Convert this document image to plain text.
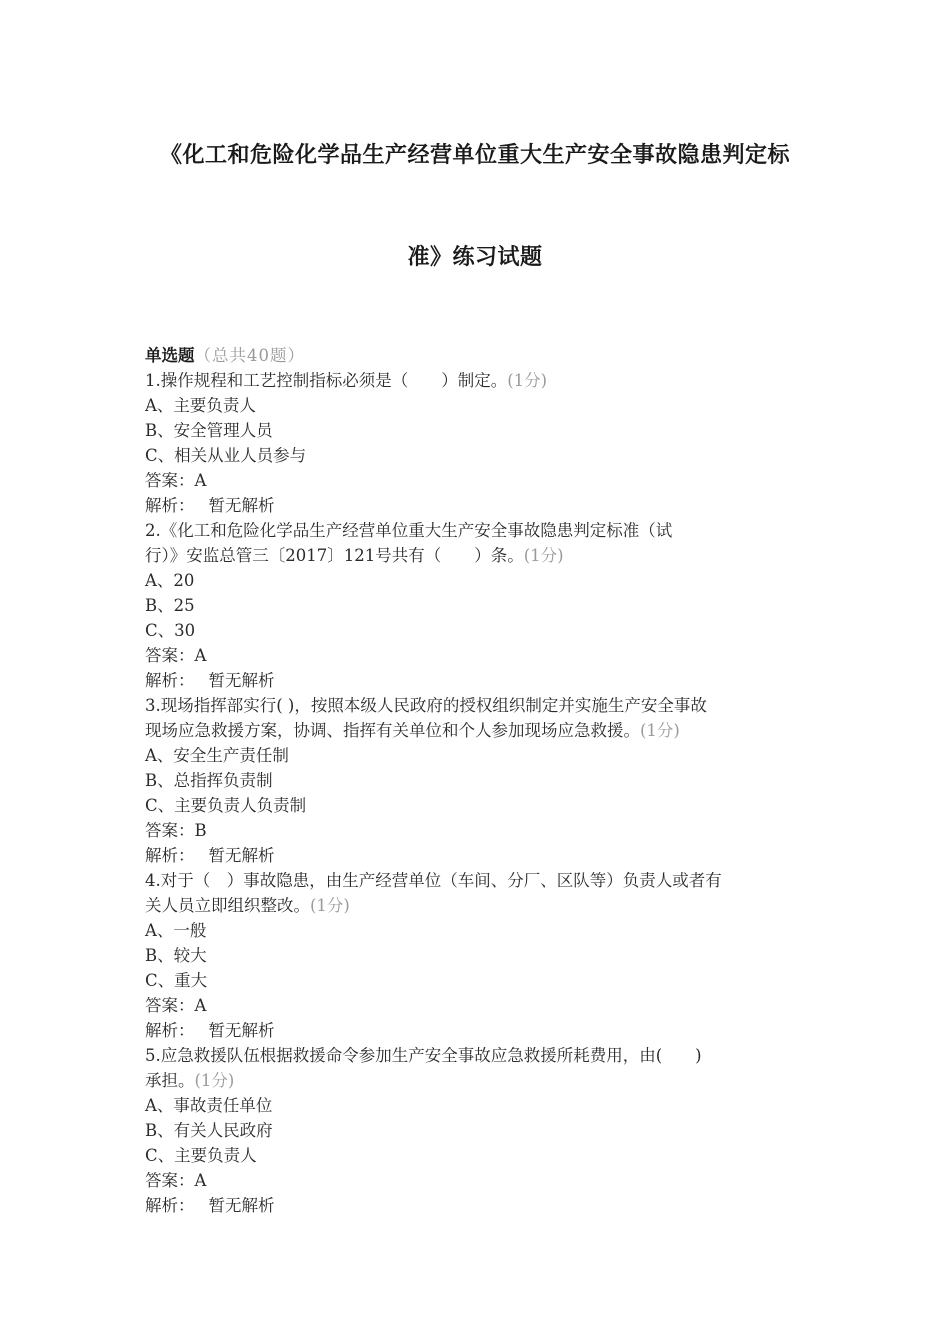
《化工和危险化学品生产经营单位重大生产安全事故隐患判定标
准》练习试题
单选题（总共40题）
1.操作规程和工艺控制指标必须是（　　）制定。(1分)
A、主要负责人
B、安全管理人员
C、相关从业人员参与
答案：A
解析： 暂无解析
2.《化工和危险化学品生产经营单位重大生产安全事故隐患判定标准（试
行）》安监总管三〔2017〕121号共有（　　）条。(1分)
A、20
B、25
C、30
答案：A
解析： 暂无解析
3.现场指挥部实行( )，按照本级人民政府的授权组织制定并实施生产安全事故
现场应急救援方案，协调、指挥有关单位和个人参加现场应急救援。(1分)
A、安全生产责任制
B、总指挥负责制
C、主要负责人负责制
答案：B
解析： 暂无解析
4.对于（　）事故隐患，由生产经营单位（车间、分厂、区队等）负责人或者有
关人员立即组织整改。(1分)
A、一般
B、较大
C、重大
答案：A
解析： 暂无解析
5.应急救援队伍根据救援命令参加生产安全事故应急救援所耗费用，由(　　)
承担。(1分)
A、事故责任单位
B、有关人民政府
C、主要负责人
答案：A
解析： 暂无解析
